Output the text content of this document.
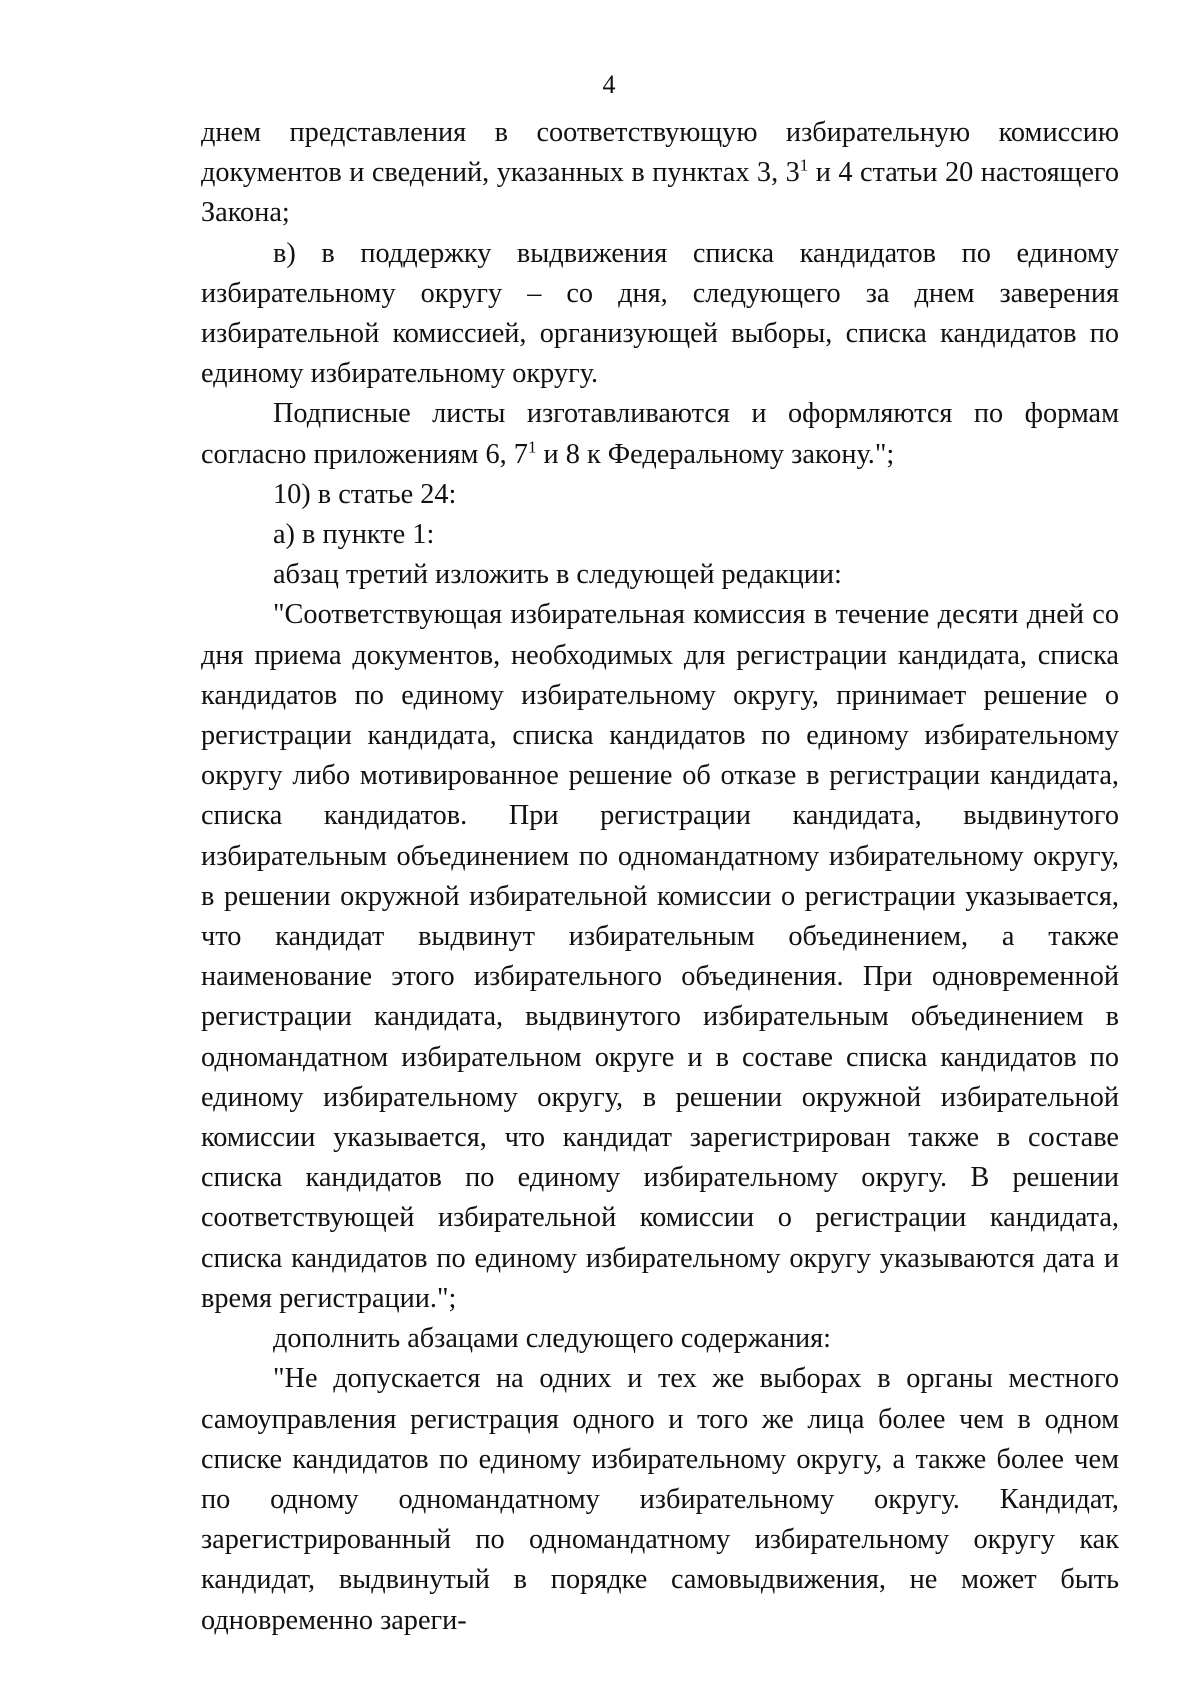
4

днем представления в соответствующую избирательную комиссию документов и сведений, указанных в пунктах 3, $3^1$ и 4 статьи 20 настоящего Закона;

в) в поддержку выдвижения списка кандидатов по единому избирательному округу – со дня, следующего за днем заверения избирательной комиссией, организующей выборы, списка кандидатов по единому избирательному округу.

Подписные листы изготавливаются и оформляются по формам согласно приложениям 6, $7^1$ и 8 к Федеральному закону.";

10) в статье 24:

а) в пункте 1:

абзац третий изложить в следующей редакции:

"Соответствующая избирательная комиссия в течение десяти дней со дня приема документов, необходимых для регистрации кандидата, списка кандидатов по единому избирательному округу, принимает решение о регистрации кандидата, списка кандидатов по единому избирательному округу либо мотивированное решение об отказе в регистрации кандидата, списка кандидатов. При регистрации кандидата, выдвинутого избирательным объединением по одномандатному избирательному округу, в решении окружной избирательной комиссии о регистрации указывается, что кандидат выдвинут избирательным объединением, а также наименование этого избирательного объединения. При одновременной регистрации кандидата, выдвинутого избирательным объединением в одномандатном избирательном округе и в составе списка кандидатов по единому избирательному округу, в решении окружной избирательной комиссии указывается, что кандидат зарегистрирован также в составе списка кандидатов по единому избирательному округу. В решении соответствующей избирательной комиссии о регистрации кандидата, списка кандидатов по единому избирательному округу указываются дата и время регистрации.";

дополнить абзацами следующего содержания:

"Не допускается на одних и тех же выборах в органы местного самоуправления регистрация одного и того же лица более чем в одном списке кандидатов по единому избирательному округу, а также более чем по одному одномандатному избирательному округу. Кандидат, зарегистрированный по одномандатному избирательному округу как кандидат, выдвинутый в порядке самовыдвижения, не может быть одновременно зареги-
